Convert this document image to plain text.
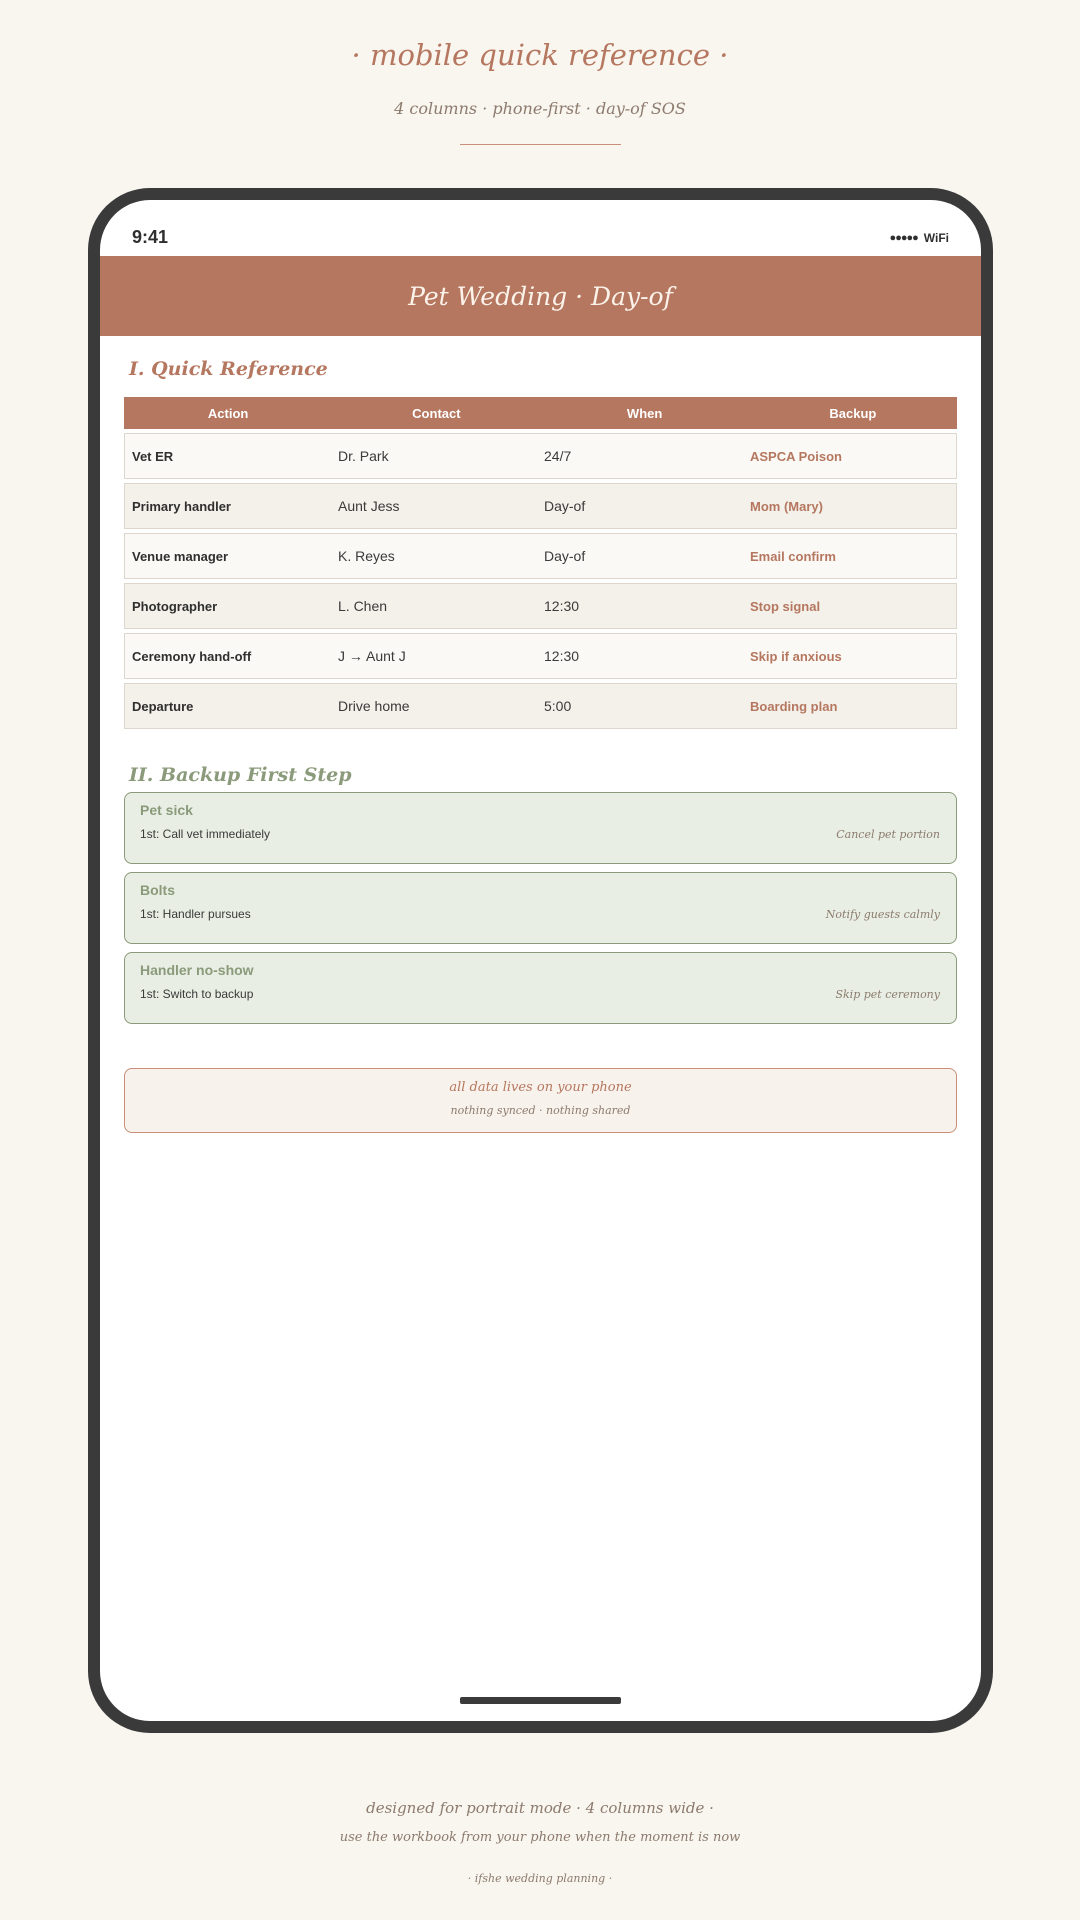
· mobile quick reference ·
4 columns · phone-first · day-of SOS
9:41	●●●●● WiFi
Pet Wedding · Day-of
I. Quick Reference
Action	Contact	When	Backup
Vet ER	Dr. Park	24/7	ASPCA Poison
Primary handler	Aunt Jess	Day-of	Mom (Mary)
Venue manager	K. Reyes	Day-of	Email confirm
Photographer	L. Chen	12:30	Stop signal
Ceremony hand-off	J → Aunt J	12:30	Skip if anxious
Departure	Drive home	5:00	Boarding plan
II. Backup First Step
Pet sick
1st: Call vet immediately	Cancel pet portion
Bolts
1st: Handler pursues	Notify guests calmly
Handler no-show
1st: Switch to backup	Skip pet ceremony
all data lives on your phone
nothing synced · nothing shared
designed for portrait mode · 4 columns wide ·
use the workbook from your phone when the moment is now
· ifshe wedding planning ·
